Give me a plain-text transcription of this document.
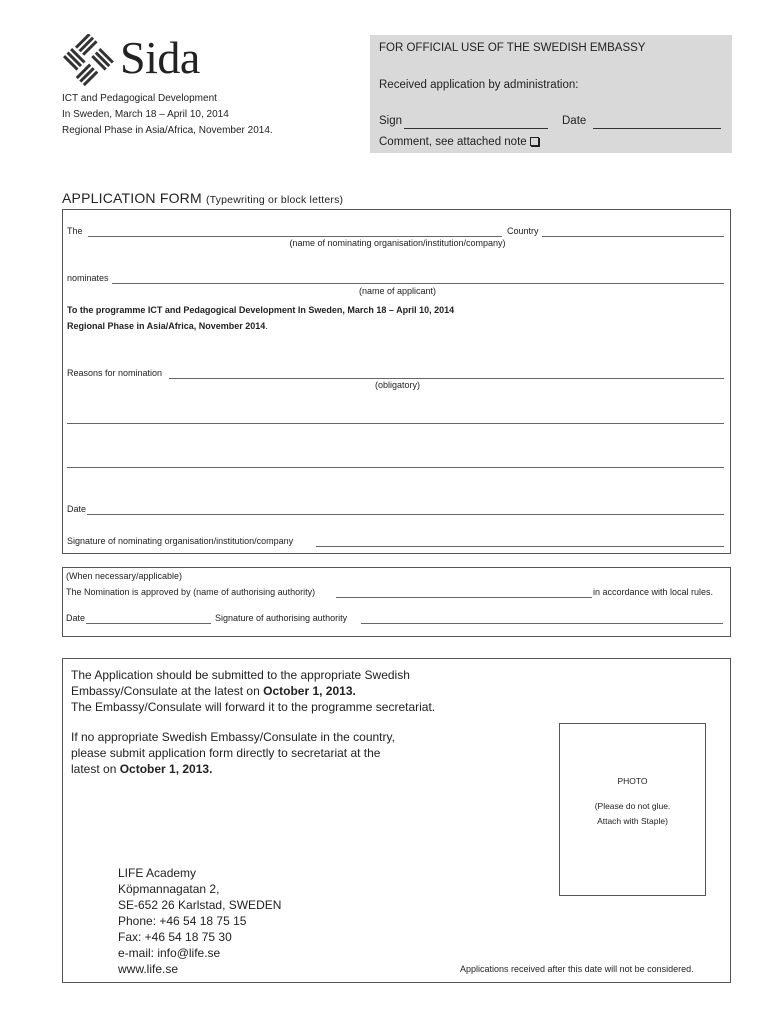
Sida
ICT and Pedagogical Development
In Sweden, March 18 – April 10, 2014
Regional Phase in Asia/Africa, November 2014.
FOR OFFICIAL USE OF THE SWEDISH EMBASSY
Received application by administration:
Sign	Date
Comment, see attached note
APPLICATION FORM (Typewriting or block letters)
The	Country
(name of nominating organisation/institution/company)
nominates
(name of applicant)
To the programme ICT and Pedagogical Development In Sweden, March 18 – April 10, 2014
Regional Phase in Asia/Africa, November 2014.
Reasons for nomination
(obligatory)
Date
Signature of nominating organisation/institution/company
(When necessary/applicable)
The Nomination is approved by (name of authorising authority)	in accordance with local rules.
Date	Signature of authorising authority
The Application should be submitted to the appropriate Swedish
Embassy/Consulate at the latest on October 1, 2013.
The Embassy/Consulate will forward it to the programme secretariat.
If no appropriate Swedish Embassy/Consulate in the country,
please submit application form directly to secretariat at the
latest on October 1, 2013.
LIFE Academy
Köpmannagatan 2,
SE-652 26 Karlstad, SWEDEN
Phone: +46 54 18 75 15
Fax: +46 54 18 75 30
e-mail: info@life.se
www.life.se	Applications received after this date will not be considered.
PHOTO
(Please do not glue.
Attach with Staple)
